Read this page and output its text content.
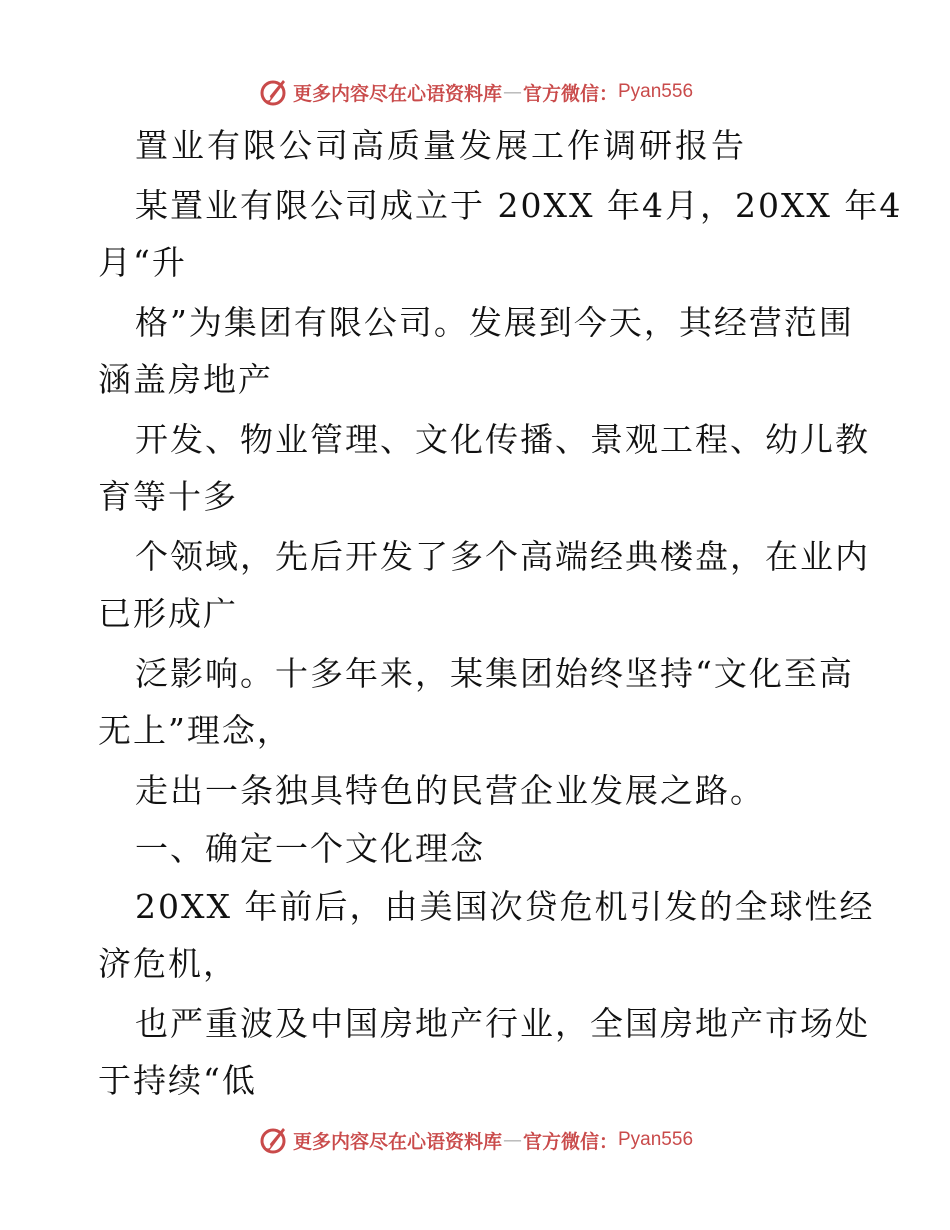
更多内容尽在心语资料库 — 官方微信： Pyan556
置业有限公司高质量发展工作调研报告
某置业有限公司成立于 20XX 年4月，20XX 年4
月“升
格”为集团有限公司。发展到今天，其经营范围
涵盖房地产
开发、物业管理、文化传播、景观工程、幼儿教
育等十多
个领域，先后开发了多个高端经典楼盘，在业内
已形成广
泛影响。十多年来，某集团始终坚持“文化至高
无上”理念，
走出一条独具特色的民营企业发展之路。
一、确定一个文化理念
20XX 年前后，由美国次贷危机引发的全球性经
济危机，
也严重波及中国房地产行业，全国房地产市场处
于持续“低
更多内容尽在心语资料库 — 官方微信： Pyan556
